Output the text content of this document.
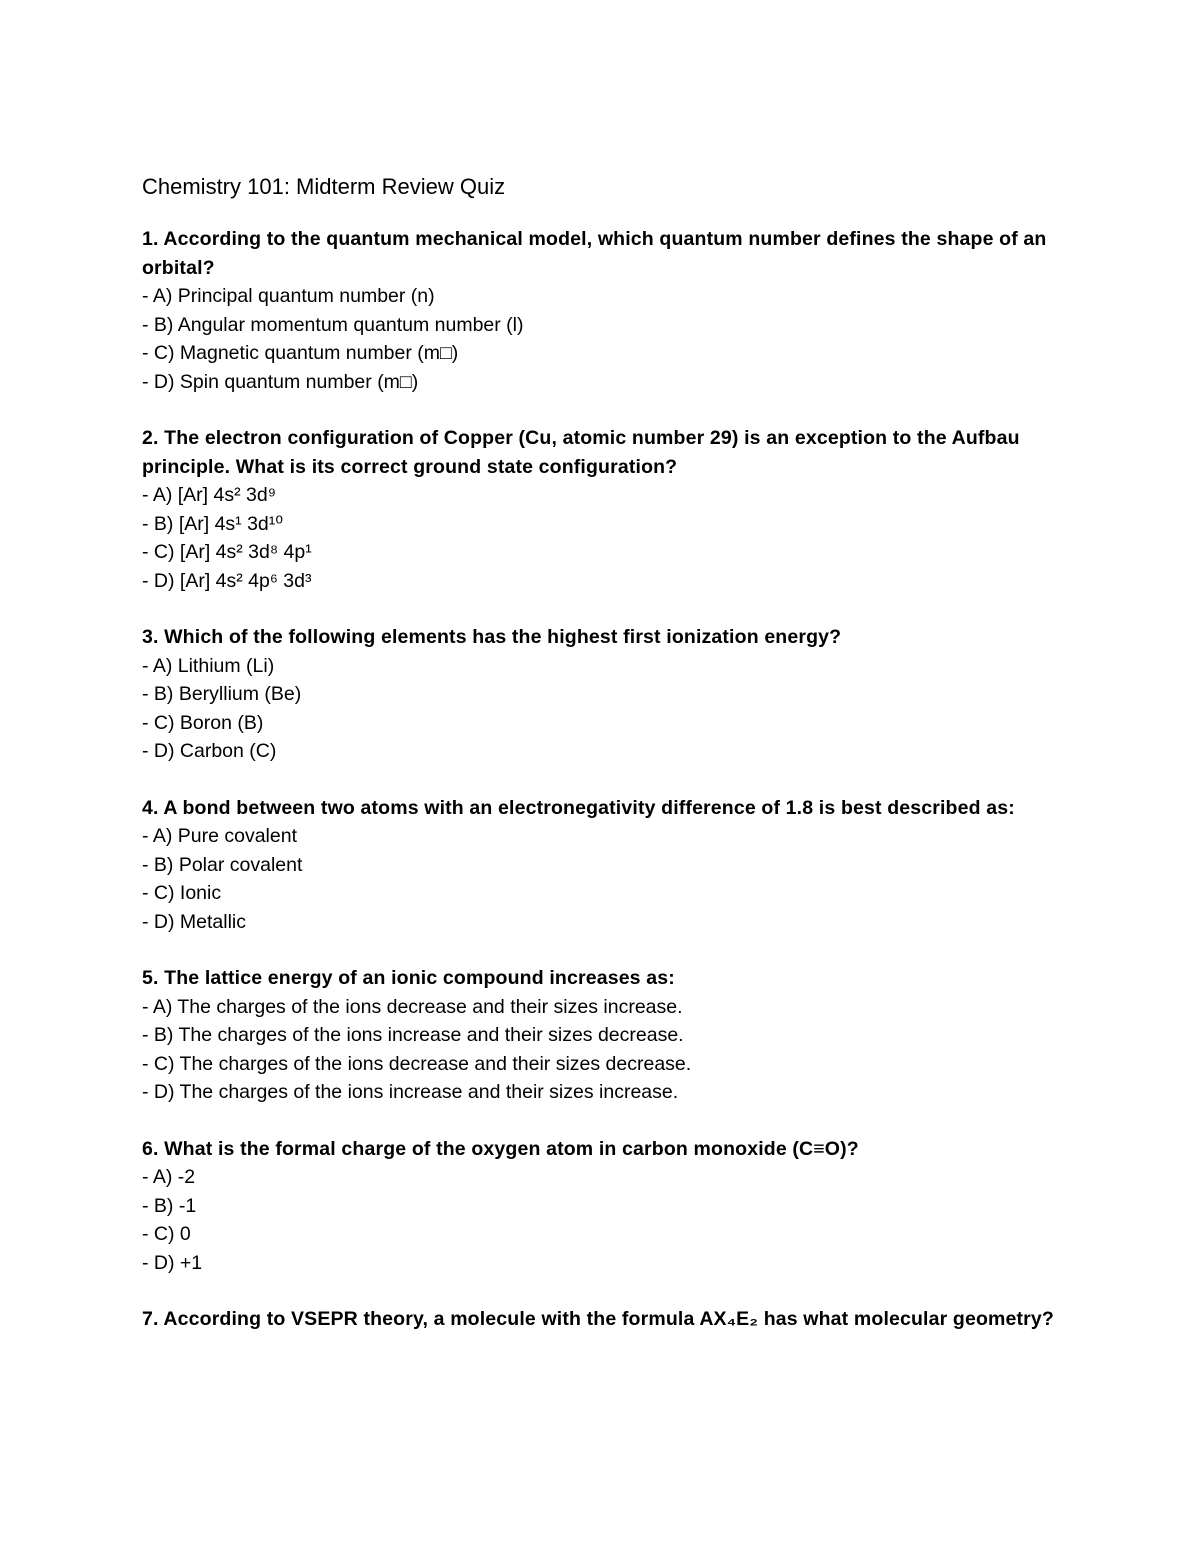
Chemistry 101: Midterm Review Quiz
1. According to the quantum mechanical model, which quantum number defines the shape of an orbital?
- A) Principal quantum number (n)
- B) Angular momentum quantum number (l)
- C) Magnetic quantum number (m□)
- D) Spin quantum number (m□)
2. The electron configuration of Copper (Cu, atomic number 29) is an exception to the Aufbau principle. What is its correct ground state configuration?
- A) [Ar] 4s² 3d⁹
- B) [Ar] 4s¹ 3d¹⁰
- C) [Ar] 4s² 3d⁸ 4p¹
- D) [Ar] 4s² 4p⁶ 3d³
3. Which of the following elements has the highest first ionization energy?
- A) Lithium (Li)
- B) Beryllium (Be)
- C) Boron (B)
- D) Carbon (C)
4. A bond between two atoms with an electronegativity difference of 1.8 is best described as:
- A) Pure covalent
- B) Polar covalent
- C) Ionic
- D) Metallic
5. The lattice energy of an ionic compound increases as:
- A) The charges of the ions decrease and their sizes increase.
- B) The charges of the ions increase and their sizes decrease.
- C) The charges of the ions decrease and their sizes decrease.
- D) The charges of the ions increase and their sizes increase.
6. What is the formal charge of the oxygen atom in carbon monoxide (C≡O)?
- A) -2
- B) -1
- C) 0
- D) +1
7. According to VSEPR theory, a molecule with the formula AX₄E₂ has what molecular geometry?
